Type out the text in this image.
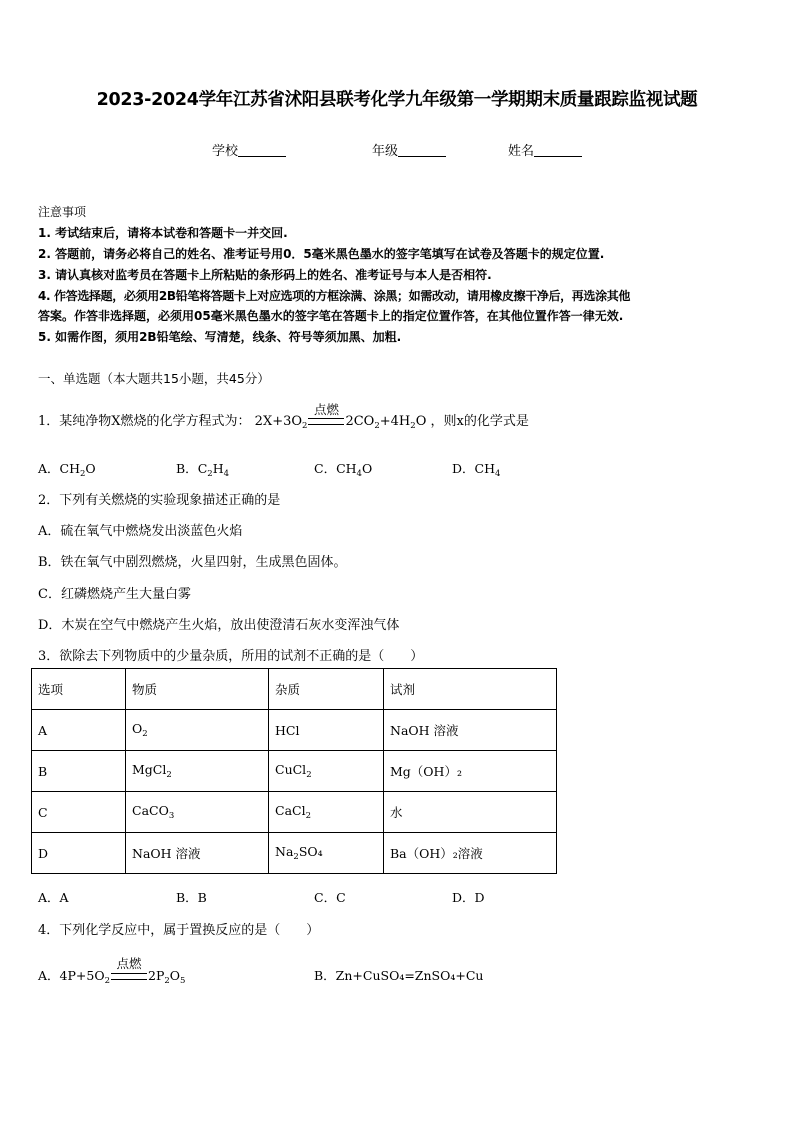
2023-2024学年江苏省沭阳县联考化学九年级第一学期期末质量跟踪监视试题
学校	年级	姓名
注意事项
1. 考试结束后，请将本试卷和答题卡一并交回.
2. 答题前，请务必将自己的姓名、准考证号用0．5毫米黑色墨水的签字笔填写在试卷及答题卡的规定位置.
3. 请认真核对监考员在答题卡上所粘贴的条形码上的姓名、准考证号与本人是否相符.
4. 作答选择题，必须用2B铅笔将答题卡上对应选项的方框涂满、涂黑；如需改动，请用橡皮擦干净后，再选涂其他
答案。作答非选择题，必须用05毫米黑色墨水的签字笔在答题卡上的指定位置作答，在其他位置作答一律无效.
5. 如需作图，须用2B铅笔绘、写清楚，线条、符号等须加黑、加粗.
一、单选题（本大题共15小题，共45分）
1．某纯净物X燃烧的化学方程式为： $2X+3O_2$
点燃
$2CO_2+4H_2O$ ，则x的化学式是
A．$CH_2O$	B．$C_2H_4$	C．$CH_4O$	D．$CH_4$
2．下列有关燃烧的实验现象描述正确的是
A．硫在氧气中燃烧发出淡蓝色火焰
B．铁在氧气中剧烈燃烧，火星四射，生成黑色固体。
C．红磷燃烧产生大量白雾
D．木炭在空气中燃烧产生火焰，放出使澄清石灰水变浑浊气体
3．欲除去下列物质中的少量杂质，所用的试剂不正确的是（　　）
选项	物质	杂质	试剂
A	$O_2$	HCl	NaOH 溶液
B	MgCl$_2$	CuCl$_2$	Mg（OH）₂
C	CaCO$_3$	CaCl$_2$	水
D	NaOH 溶液	$Na_2SO_4$	Ba（OH）₂溶液
A．A	B．B	C．C	D．D
4．下列化学反应中，属于置换反应的是（　　）
A．$4P+5O_2$
点燃
$2P_2O_5$	B．Zn+CuSO₄=ZnSO₄+Cu
